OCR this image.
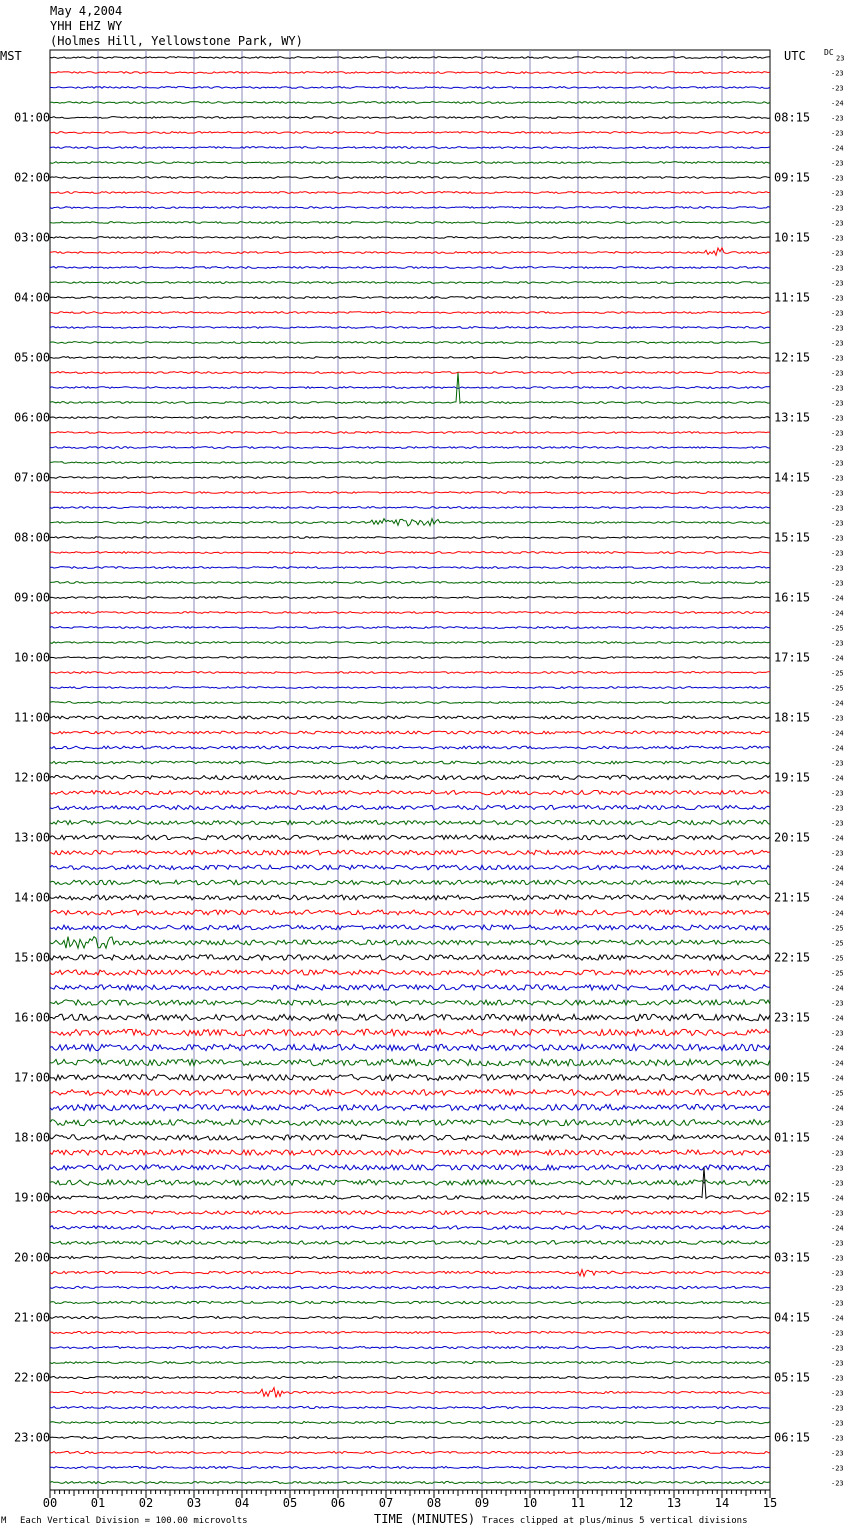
May 4,2004
YHH EHZ WY
(Holmes Hill, Yellowstone Park, WY)
MST	UTC DC
23
-23
-23
-24
-23
-23
-24
-23
-23
-23
-23
-23
-23
-23
-23
-23
-23
-23
-23
-23
-23
-23
-23
-23
-23
-23
-23
-23
-23
-23
-23
-23
-23
-23
-23
-23
-24
-24
-25
-23
-24
-25
-25
-24
-23
-24
-24
-23
-24
-23
-23
-23
-24
-23
-24
-24
-24
-24
-25
-25
-25
-25
-24
-23
-24
-23
-24
-24
-24
-25
-24
-23
-24
-23
-23
-23
-24
-23
-24
-23
-23
-23
-23
-23
-24
-23
-23
-23
-23
-23
-23
-23
-23
-23
-23
-23
01:00	08:15
02:00	09:15
03:00	10:15
04:00	11:15
05:00	12:15
06:00	13:15
07:00	14:15
08:00	15:15
09:00	16:15
10:00	17:15
11:00	18:15
12:00	19:15
13:00	20:15
14:00	21:15
15:00	22:15
16:00	23:15
17:00	00:15
18:00	01:15
19:00	02:15
20:00	03:15
21:00	04:15
22:00	05:15
23:00	06:15
00	01	02	03	04	05	06	07	08	09	10	11	12	13	14	15
M Each Vertical Division = 100.00 microvolts	TIME (MINUTES) Traces clipped at plus/minus 5 vertical divisions
